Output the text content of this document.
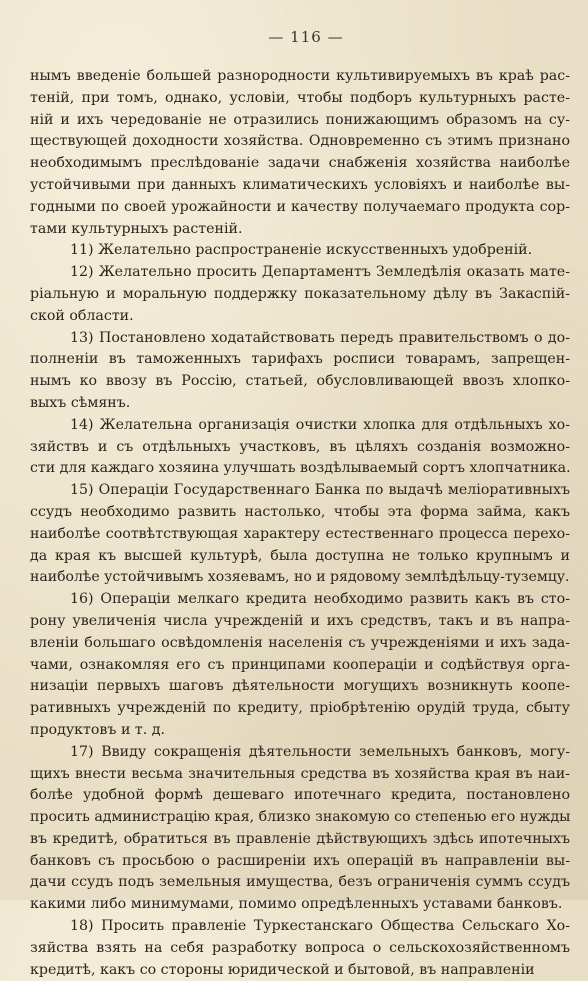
— 116 —

нымъ введенiе большей разнородности культивируемыхъ въ краѣ рас-
тенiй, при томъ, однако, условiи, чтобы подборъ культурныхъ расте-
нiй и ихъ чередованiе не отразились понижающимъ образомъ на су-
ществующей доходности хозяйства. Одновременно съ этимъ признано
необходимымъ преслѣдованiе задачи снабженiя хозяйства наиболѣе
устойчивыми при данныхъ климатическихъ условiяхъ и наиболѣе вы-
годными по своей урожайности и качеству получаемаго продукта сор-
тами культурныхъ растенiй.

11) Желательно распространенiе искусственныхъ удобренiй.

12) Желательно просить Департаментъ Земледѣлiя оказать мате-
рiальную и моральную поддержку показательному дѣлу въ Закаспiй-
ской области.

13) Постановлено ходатайствовать передъ правительствомъ о до-
полненiи въ таможенныхъ тарифахъ росписи товарамъ, запрещен-
нымъ ко ввозу въ Россiю, статьей, обусловливающей ввозъ хлопко-
выхъ сѣмянъ.

14) Желательна организацiя очистки хлопка для отдѣльныхъ хо-
зяйствъ и съ отдѣльныхъ участковъ, въ цѣляхъ созданiя возможно-
сти для каждаго хозяина улучшать воздѣлываемый сортъ хлопчатника.

15) Операцiи Государственнаго Банка по выдачѣ мелiоративныхъ
ссудъ необходимо развить настолько, чтобы эта форма займа, какъ
наиболѣе соотвѣтствующая характеру естественнаго процесса перехо-
да края къ высшей культурѣ, была доступна не только крупнымъ и
наиболѣе устойчивымъ хозяевамъ, но и рядовому землѣдѣльцу-туземцу.

16) Операцiи мелкаго кредита необходимо развить какъ въ сто-
рону увеличенiя числа учрежденiй и ихъ средствъ, такъ и въ напра-
вленiи большаго освѣдомленiя населенiя съ учрежденiями и ихъ зада-
чами, ознакомляя его съ принципами кооперацiи и содѣйствуя орга-
низацiи первыхъ шаговъ дѣятельности могущихъ возникнуть коопе-
ративныхъ учрежденiй по кредиту, прiобрѣтенiю орудiй труда, сбыту
продуктовъ и т. д.

17) Ввиду сокращенiя дѣятельности земельныхъ банковъ, могу-
щихъ внести весьма значительныя средства въ хозяйства края въ наи-
болѣе удобной формѣ дешеваго ипотечнаго кредита, постановлено
просить администрацiю края, близко знакомую со степенью его нужды
въ кредитѣ, обратиться въ правленiе дѣйствующихъ здѣсь ипотечныхъ
банковъ съ просьбою о расширенiи ихъ операцiй въ направленiи вы-
дачи ссудъ подъ земельныя имущества, безъ ограниченiя суммъ ссудъ
какими либо минимумами, помимо опредѣленныхъ уставами банковъ.

18) Просить правленiе Туркестанскаго Общества Сельскаго Хо-
зяйства взять на себя разработку вопроса о сельскохозяйственномъ
кредитѣ, какъ со стороны юридической и бытовой, въ направленiи
